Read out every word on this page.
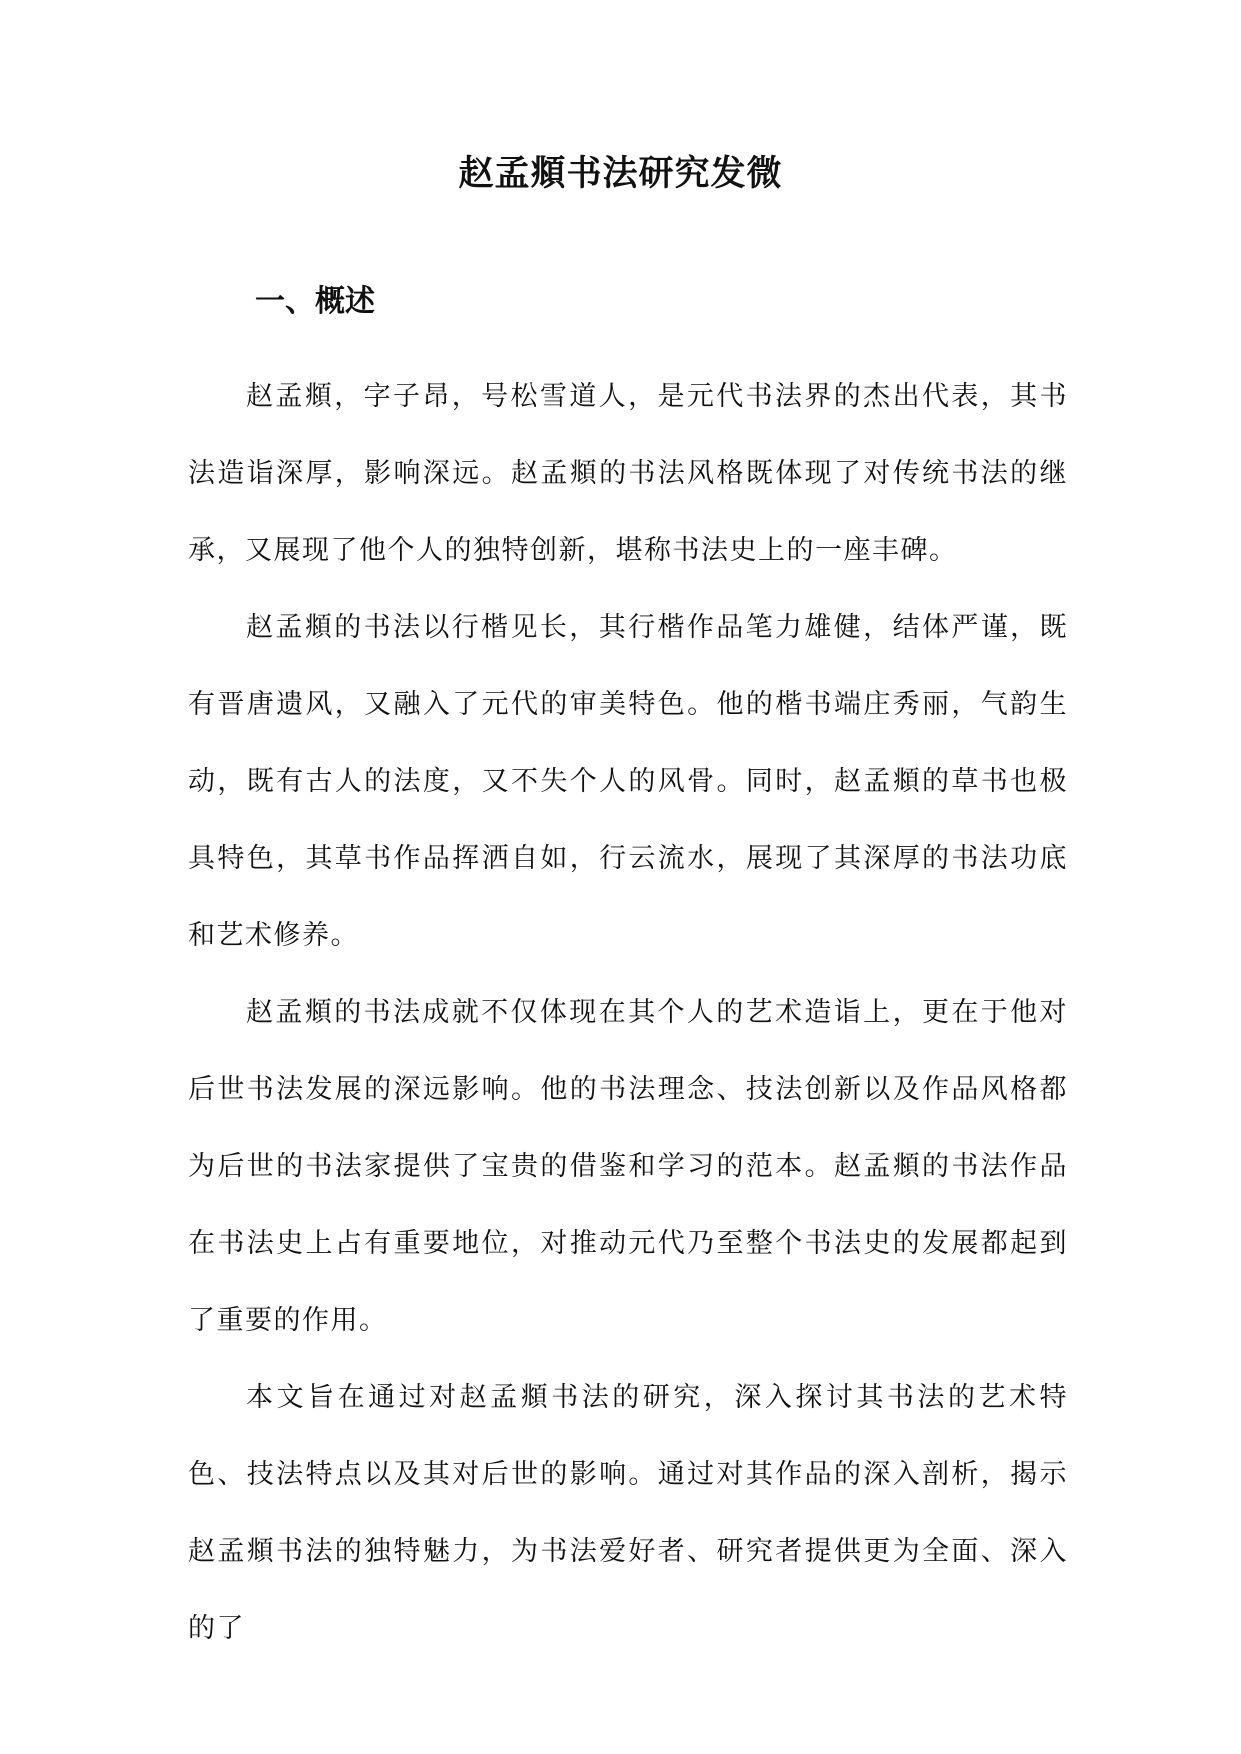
赵孟頫书法研究发微
一、概述

赵孟頫，字子昂，号松雪道人，是元代书法界的杰出代表，其书法造诣深厚，影响深远。赵孟頫的书法风格既体现了对传统书法的继承，又展现了他个人的独特创新，堪称书法史上的一座丰碑。

赵孟頫的书法以行楷见长，其行楷作品笔力雄健，结体严谨，既有晋唐遗风，又融入了元代的审美特色。他的楷书端庄秀丽，气韵生动，既有古人的法度，又不失个人的风骨。同时，赵孟頫的草书也极具特色，其草书作品挥洒自如，行云流水，展现了其深厚的书法功底和艺术修养。

赵孟頫的书法成就不仅体现在其个人的艺术造诣上，更在于他对后世书法发展的深远影响。他的书法理念、技法创新以及作品风格都为后世的书法家提供了宝贵的借鉴和学习的范本。赵孟頫的书法作品在书法史上占有重要地位，对推动元代乃至整个书法史的发展都起到了重要的作用。

本文旨在通过对赵孟頫书法的研究，深入探讨其书法的艺术特色、技法特点以及其对后世的影响。通过对其作品的深入剖析，揭示赵孟頫书法的独特魅力，为书法爱好者、研究者提供更为全面、深入的了
